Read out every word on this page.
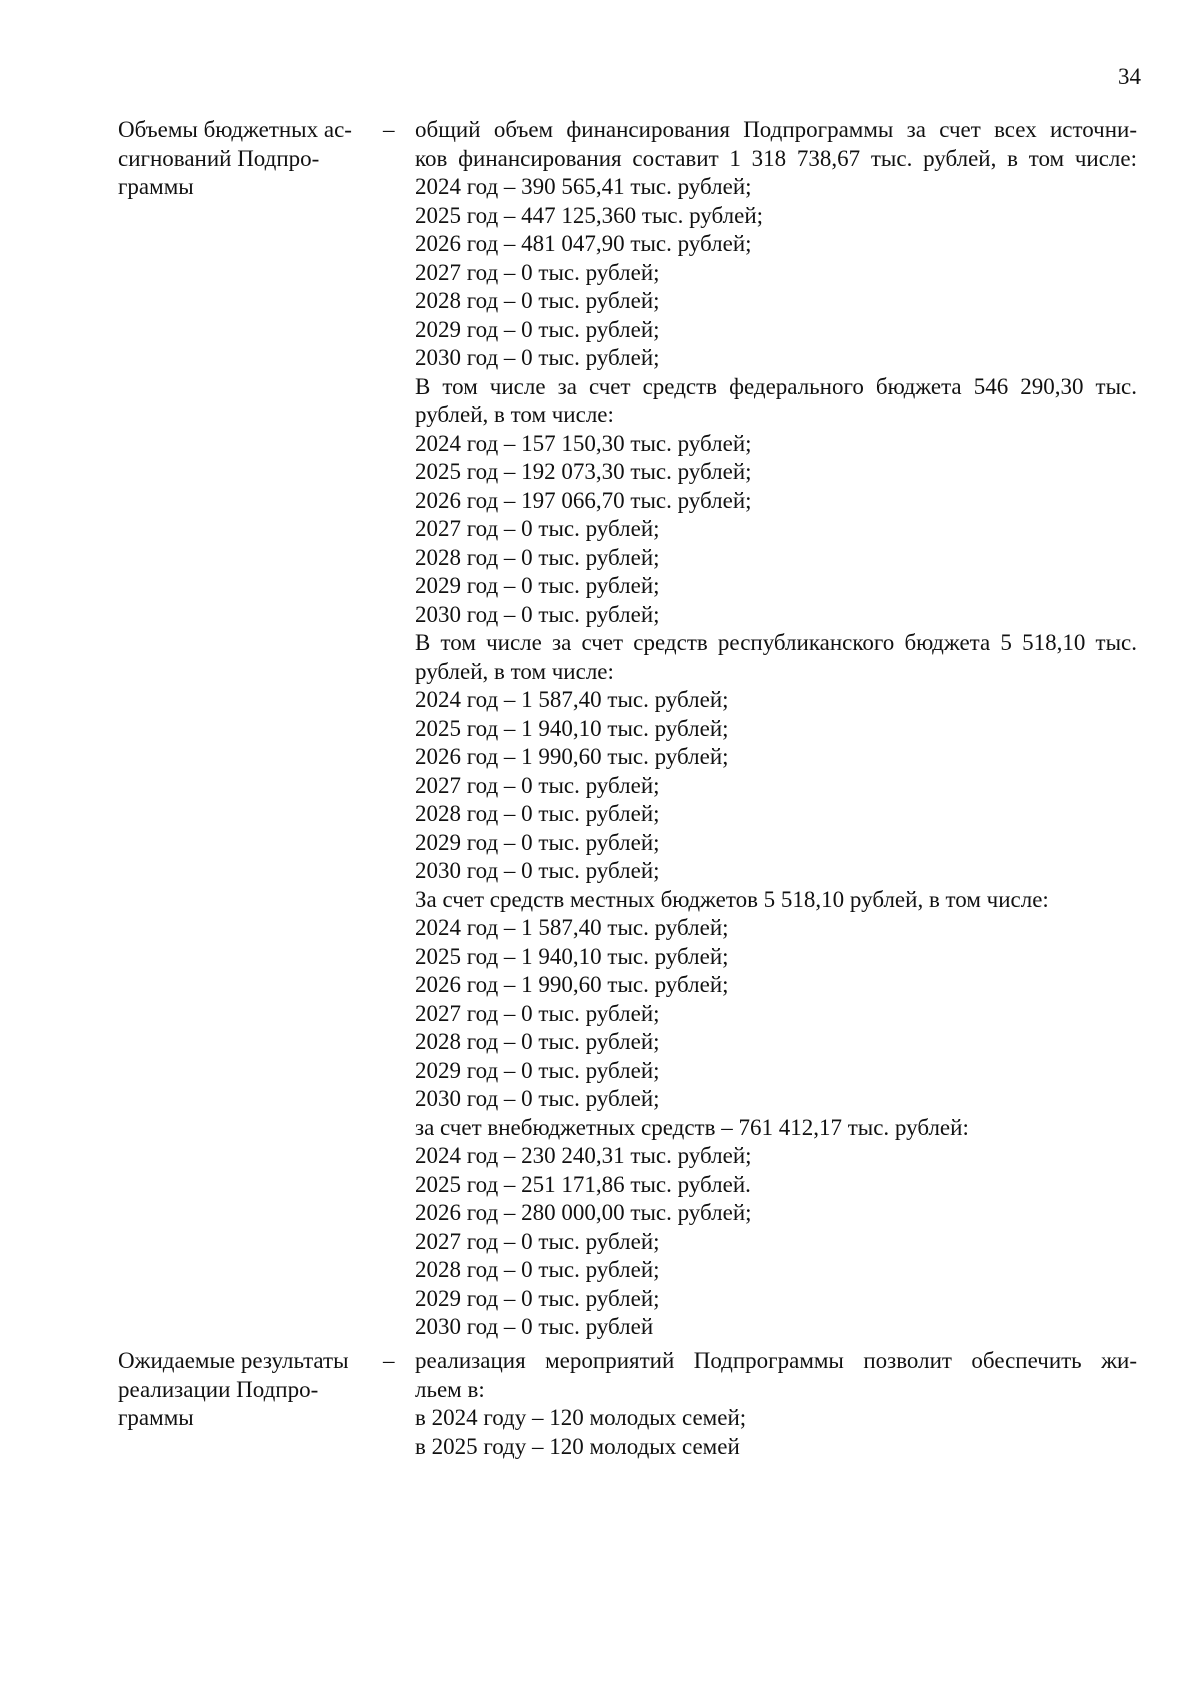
34
Объемы бюджетных ас-
сигнований Подпро-
граммы
– общий объем финансирования Подпрограммы за счет всех источни-
ков финансирования составит 1 318 738,67 тыс. рублей, в том числе:
2024 год – 390 565,41 тыс. рублей;
2025 год – 447 125,360 тыс. рублей;
2026 год – 481 047,90 тыс. рублей;
2027 год – 0 тыс. рублей;
2028 год – 0 тыс. рублей;
2029 год – 0 тыс. рублей;
2030 год – 0 тыс. рублей;
В том числе за счет средств федерального бюджета 546 290,30 тыс.
рублей, в том числе:
2024 год – 157 150,30 тыс. рублей;
2025 год – 192 073,30 тыс. рублей;
2026 год – 197 066,70 тыс. рублей;
2027 год – 0 тыс. рублей;
2028 год – 0 тыс. рублей;
2029 год – 0 тыс. рублей;
2030 год – 0 тыс. рублей;
В том числе за счет средств республиканского бюджета 5 518,10 тыс.
рублей, в том числе:
2024 год – 1 587,40 тыс. рублей;
2025 год – 1 940,10 тыс. рублей;
2026 год – 1 990,60 тыс. рублей;
2027 год – 0 тыс. рублей;
2028 год – 0 тыс. рублей;
2029 год – 0 тыс. рублей;
2030 год – 0 тыс. рублей;
За счет средств местных бюджетов 5 518,10 рублей, в том числе:
2024 год – 1 587,40 тыс. рублей;
2025 год – 1 940,10 тыс. рублей;
2026 год – 1 990,60 тыс. рублей;
2027 год – 0 тыс. рублей;
2028 год – 0 тыс. рублей;
2029 год – 0 тыс. рублей;
2030 год – 0 тыс. рублей;
за счет внебюджетных средств – 761 412,17 тыс. рублей:
2024 год – 230 240,31 тыс. рублей;
2025 год – 251 171,86 тыс. рублей.
2026 год – 280 000,00 тыс. рублей;
2027 год – 0 тыс. рублей;
2028 год – 0 тыс. рублей;
2029 год – 0 тыс. рублей;
2030 год – 0 тыс. рублей
Ожидаемые результаты
реализации Подпро-
граммы
– реализация мероприятий Подпрограммы позволит обеспечить жи-
льем в:
в 2024 году – 120 молодых семей;
в 2025 году – 120 молодых семей
